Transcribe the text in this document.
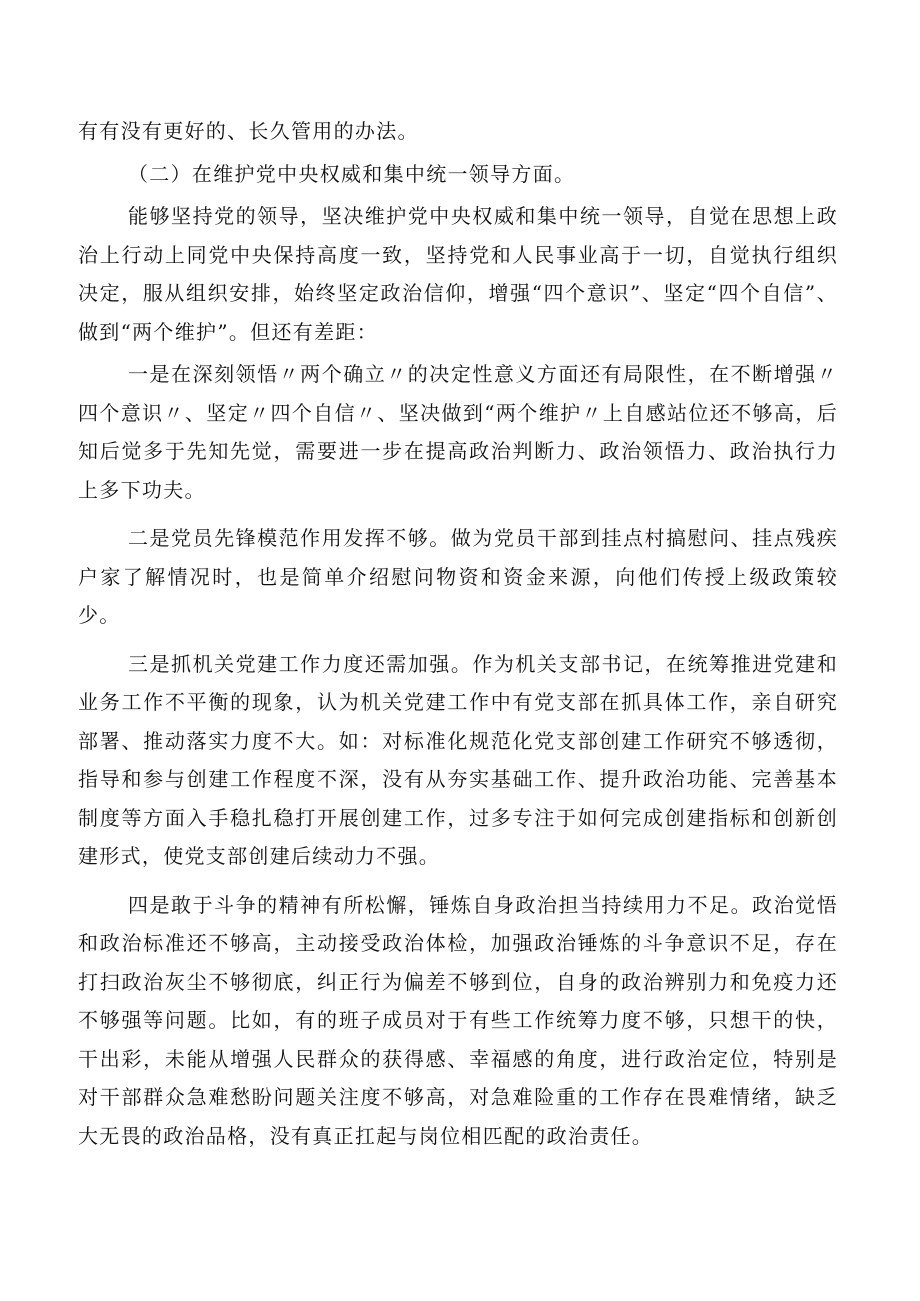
有有没有更好的、长久管用的办法。

（二）在维护党中央权威和集中统一领导方面。

能够坚持党的领导，坚决维护党中央权威和集中统一领导，自觉在思想上政治上行动上同党中央保持高度一致，坚持党和人民事业高于一切，自觉执行组织决定，服从组织安排，始终坚定政治信仰，增强“四个意识”、坚定“四个自信”、做到“两个维护”。但还有差距：

一是在深刻领悟〃两个确立〃的决定性意义方面还有局限性，在不断增强〃四个意识〃、坚定〃四个自信〃、坚决做到“两个维护〃上自感站位还不够高，后知后觉多于先知先觉，需要进一步在提高政治判断力、政治领悟力、政治执行力上多下功夫。

二是党员先锋模范作用发挥不够。做为党员干部到挂点村搞慰问、挂点残疾户家了解情况时，也是简单介绍慰问物资和资金来源，向他们传授上级政策较少。

三是抓机关党建工作力度还需加强。作为机关支部书记，在统筹推进党建和业务工作不平衡的现象，认为机关党建工作中有党支部在抓具体工作，亲自研究部署、推动落实力度不大。如：对标准化规范化党支部创建工作研究不够透彻，指导和参与创建工作程度不深，没有从夯实基础工作、提升政治功能、完善基本制度等方面入手稳扎稳打开展创建工作，过多专注于如何完成创建指标和创新创建形式，使党支部创建后续动力不强。

四是敢于斗争的精神有所松懈，锤炼自身政治担当持续用力不足。政治觉悟和政治标准还不够高，主动接受政治体检，加强政治锤炼的斗争意识不足，存在打扫政治灰尘不够彻底，纠正行为偏差不够到位，自身的政治辨别力和免疫力还不够强等问题。比如，有的班子成员对于有些工作统筹力度不够，只想干的快，干出彩，未能从增强人民群众的获得感、幸福感的角度，进行政治定位，特别是对干部群众急难愁盼问题关注度不够高，对急难险重的工作存在畏难情绪，缺乏大无畏的政治品格，没有真正扛起与岗位相匹配的政治责任。
